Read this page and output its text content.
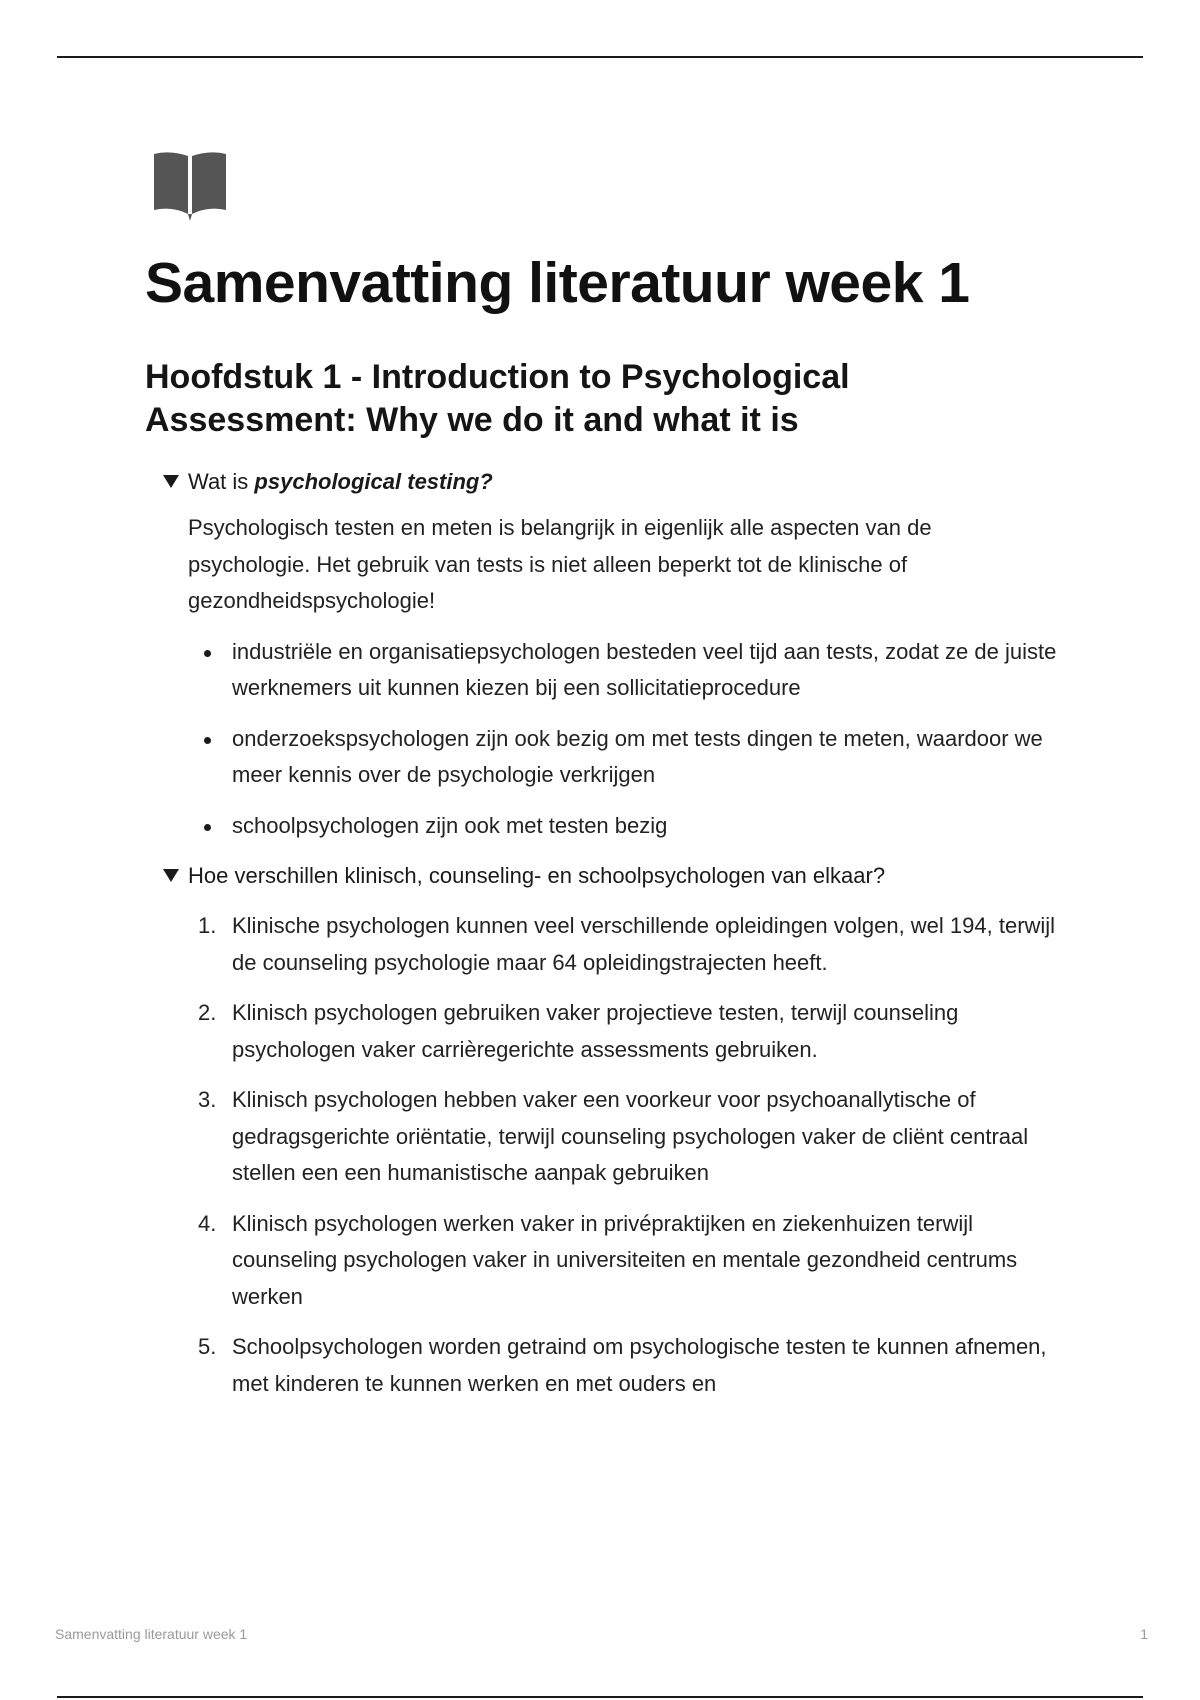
Samenvatting literatuur week 1
Hoofdstuk 1 - Introduction to Psychological Assessment: Why we do it and what it is
Wat is psychological testing?

Psychologisch testen en meten is belangrijk in eigenlijk alle aspecten van de psychologie. Het gebruik van tests is niet alleen beperkt tot de klinische of gezondheidspsychologie!

industriële en organisatiepsychologen besteden veel tijd aan tests, zodat ze de juiste werknemers uit kunnen kiezen bij een sollicitatieprocedure
onderzoekspsychologen zijn ook bezig om met tests dingen te meten, waardoor we meer kennis over de psychologie verkrijgen
schoolpsychologen zijn ook met testen bezig
Hoe verschillen klinisch, counseling- en schoolpsychologen van elkaar?
1. Klinische psychologen kunnen veel verschillende opleidingen volgen, wel 194, terwijl de counseling psychologie maar 64 opleidingstrajecten heeft.
2. Klinisch psychologen gebruiken vaker projectieve testen, terwijl counseling psychologen vaker carrièregerichte assessments gebruiken.
3. Klinisch psychologen hebben vaker een voorkeur voor psychoanallytische of gedragsgerichte oriëntatie, terwijl counseling psychologen vaker de cliënt centraal stellen een een humanistische aanpak gebruiken
4. Klinisch psychologen werken vaker in privépraktijken en ziekenhuizen terwijl counseling psychologen vaker in universiteiten en mentale gezondheid centrums werken
5. Schoolpsychologen worden getraind om psychologische testen te kunnen afnemen, met kinderen te kunnen werken en met ouders en
Samenvatting literatuur week 1	1
